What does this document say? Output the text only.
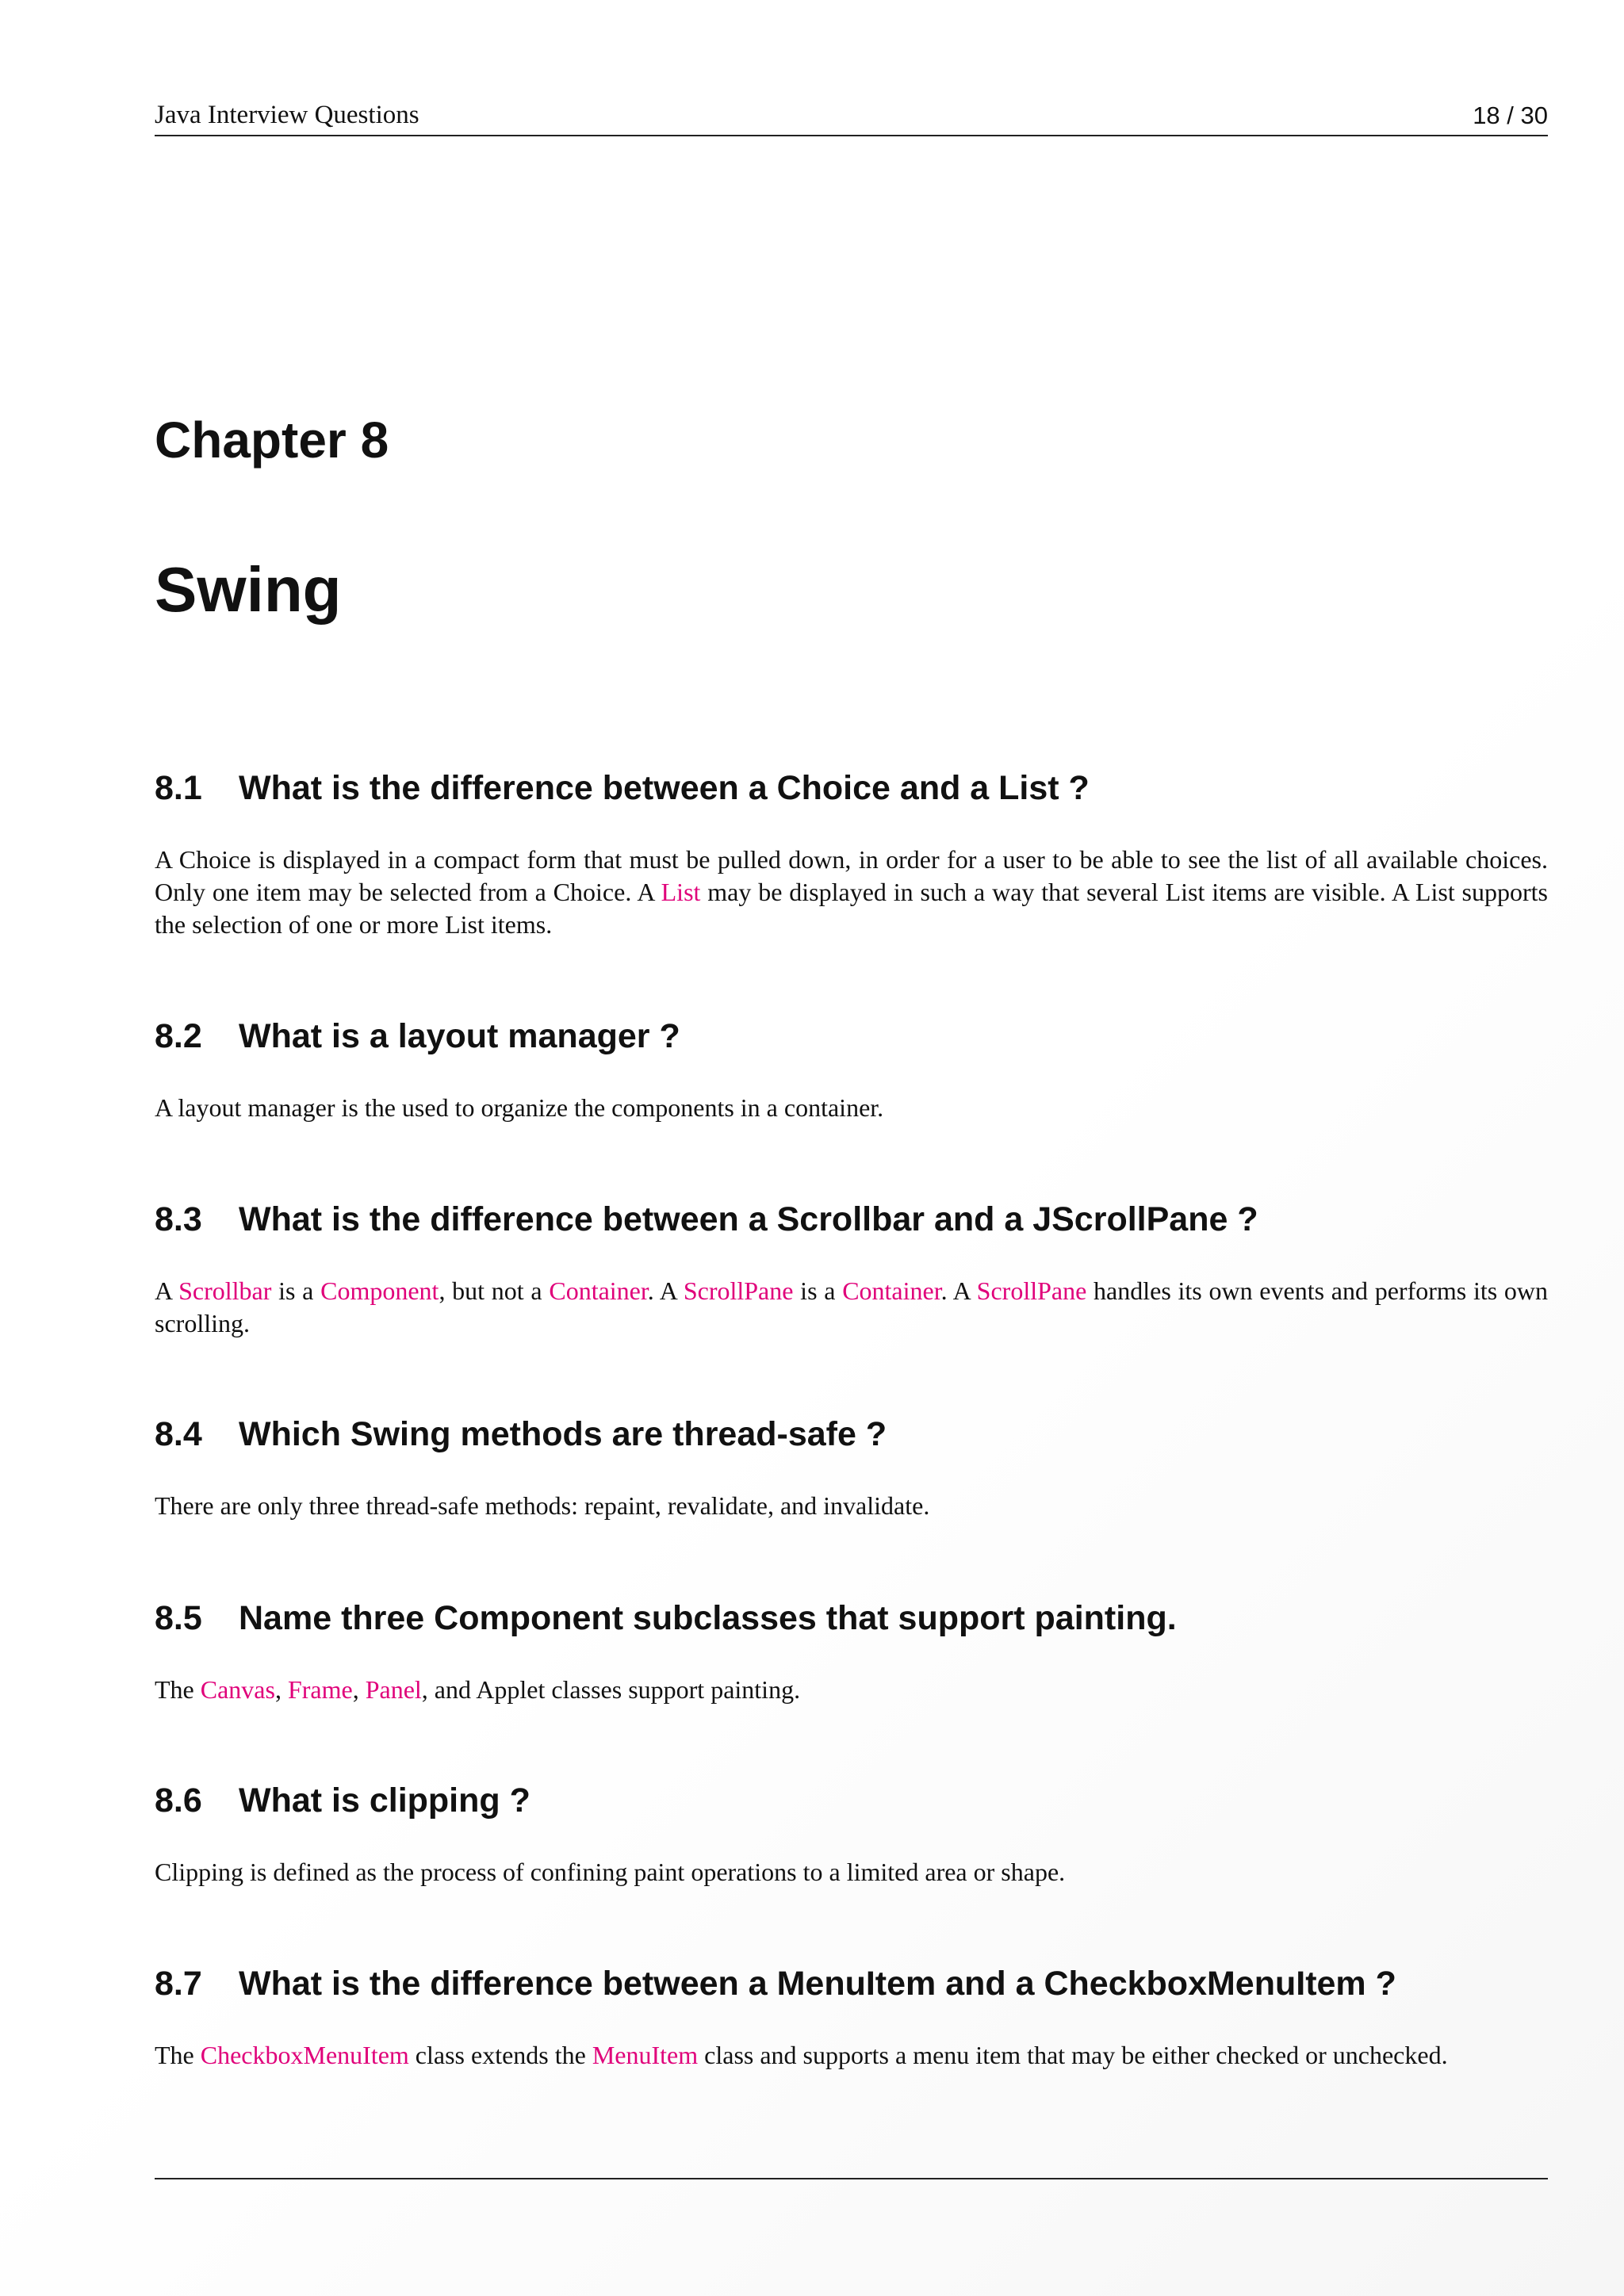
Java Interview Questions	18 / 30
Chapter 8
Swing
8.1 What is the difference between a Choice and a List ?

A Choice is displayed in a compact form that must be pulled down, in order for a user to be able to see the list of all available choices. Only one item may be selected from a Choice. A List may be displayed in such a way that several List items are visible. A List supports the selection of one or more List items.

8.2 What is a layout manager ?

A layout manager is the used to organize the components in a container.

8.3 What is the difference between a Scrollbar and a JScrollPane ?

A Scrollbar is a Component, but not a Container. A ScrollPane is a Container. A ScrollPane handles its own events and performs its own scrolling.

8.4 Which Swing methods are thread-safe ?

There are only three thread-safe methods: repaint, revalidate, and invalidate.

8.5 Name three Component subclasses that support painting.

The Canvas, Frame, Panel, and Applet classes support painting.

8.6 What is clipping ?

Clipping is defined as the process of confining paint operations to a limited area or shape.

8.7 What is the difference between a MenuItem and a CheckboxMenuItem ?

The CheckboxMenuItem class extends the MenuItem class and supports a menu item that may be either checked or unchecked.
